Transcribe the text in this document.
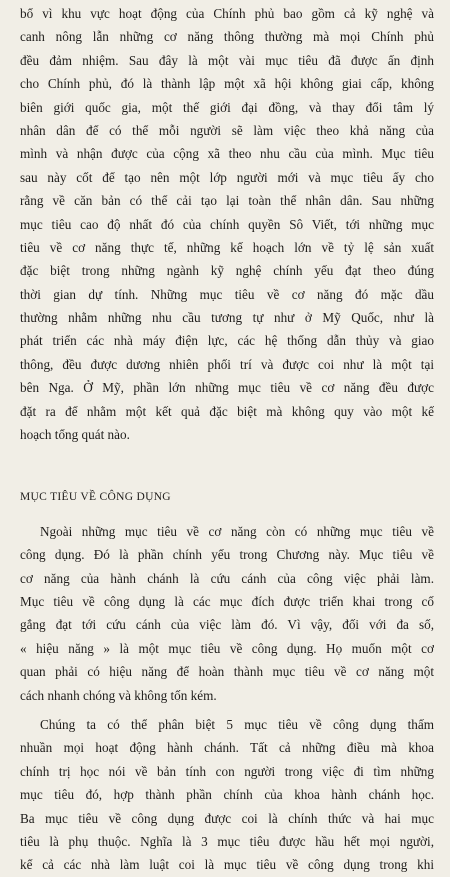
bổ vì khu vực hoạt động của Chính phủ bao gồm cả kỹ nghệ và
canh nông lẫn những cơ năng thông thường mà mọi Chính phủ
đều đảm nhiệm. Sau đây là một vài mục tiêu đã được ấn định
cho Chính phủ, đó là thành lập một xã hội không giai cấp, không
biên giới quốc gia, một thế giới đại đồng, và thay đổi tâm lý
nhân dân để có thể mỗi người sẽ làm việc theo khả năng của
mình và nhận được của cộng xã theo nhu cầu của mình. Mục tiêu
sau này cốt để tạo nên một lớp người mới và mục tiêu ấy cho
rằng về căn bản có thể cải tạo lại toàn thể nhân dân. Sau những
mục tiêu cao độ nhất đó của chính quyền Sô Viết, tới những mục
tiêu về cơ năng thực tế, những kế hoạch lớn về tỷ lệ sản xuất
đặc biệt trong những ngành kỹ nghệ chính yếu đạt theo đúng
thời gian dự tính. Những mục tiêu về cơ năng đó mặc dầu
thường nhằm những nhu cầu tương tự như ở Mỹ Quốc, như là
phát triển các nhà máy điện lực, các hệ thống dẫn thủy và giao
thông, đều được dương nhiên phối trí và được coi như là một tại
bên Nga. Ở Mỹ, phần lớn những mục tiêu về cơ năng đều được
đặt ra để nhằm một kết quả đặc biệt mà không quy vào một kế
hoạch tổng quát nào.
MỤC TIÊU VỀ CÔNG DỤNG
Ngoài những mục tiêu về cơ năng còn có những mục tiêu về
công dụng. Đó là phần chính yếu trong Chương này. Mục tiêu về
cơ năng của hành chánh là cứu cánh của công việc phải làm.
Mục tiêu về công dụng là các mục đích được triển khai trong cố
gắng đạt tới cứu cánh của việc làm đó. Vì vậy, đối với đa số,
« hiệu năng » là một mục tiêu về công dụng. Họ muốn một cơ
quan phải có hiệu năng để hoàn thành mục tiêu về cơ năng một
cách nhanh chóng và không tốn kém.
Chúng ta có thể phân biệt 5 mục tiêu về công dụng thấm
nhuần mọi hoạt động hành chánh. Tất cả những điều mà khoa
chính trị học nói về bản tính con người trong việc đi tìm những
mục tiêu đó, hợp thành phần chính của khoa hành chánh học.
Ba mục tiêu về công dụng được coi là chính thức và hai mục
tiêu là phụ thuộc. Nghĩa là 3 mục tiêu được hầu hết mọi người,
kể cả các nhà làm luật coi là mục tiêu về công dụng trong khi
